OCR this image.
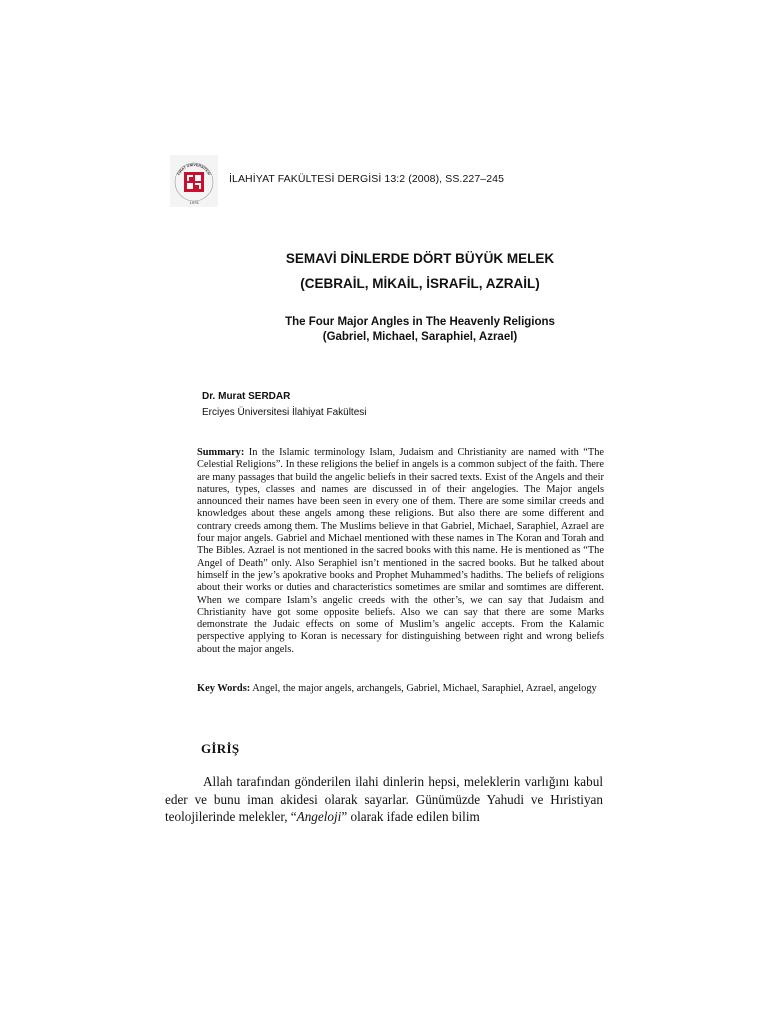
FIRAT ÜNİVERSİTESİ
1975
İLAHİYAT FAKÜLTESİ DERGİSİ 13:2 (2008), SS.227–245
SEMAVİ DİNLERDE DÖRT BÜYÜK MELEK
(CEBRAİL, MİKAİL, İSRAFİL, AZRAİL)
The Four Major Angles in The Heavenly Religions
(Gabriel, Michael, Saraphiel, Azrael)
Dr. Murat SERDAR
Erciyes Üniversitesi İlahiyat Fakültesi
Summary: In the Islamic terminology Islam, Judaism and Christianity are named with “The Celestial Religions”. In these religions the belief in angels is a common subject of the faith. There are many passages that build the angelic beliefs in their sacred texts. Exist of the Angels and their natures, types, classes and names are discussed in of their angelogies. The Major angels announced their names have been seen in every one of them. There are some similar creeds and knowledges about these angels among these religions. But also there are some different and contrary creeds among them. The Muslims believe in that Gabriel, Michael, Saraphiel, Azrael are four major angels. Gabriel and Michael mentioned with these names in The Koran and Torah and The Bibles. Azrael is not mentioned in the sacred books with this name. He is mentioned as “The Angel of Death” only. Also Seraphiel isn’t mentioned in the sacred books. But he talked about himself in the jew’s apokrative books and Prophet Muhammed’s hadiths. The beliefs of religions about their works or duties and characteristics sometimes are smilar and somtimes are different. When we compare Islam’s angelic creeds with the other’s, we can say that Judaism and Christianity have got some opposite beliefs. Also we can say that there are some Marks demonstrate the Judaic effects on some of Muslim’s angelic accepts. From the Kalamic perspective applying to Koran is necessary for distinguishing between right and wrong beliefs about the major angels.
Key Words: Angel, the major angels, archangels, Gabriel, Michael, Saraphiel, Azrael, angelogy
GİRİŞ
Allah tarafından gönderilen ilahi dinlerin hepsi, meleklerin varlığını kabul eder ve bunu iman akidesi olarak sayarlar. Günümüzde Yahudi ve Hıristiyan teolojilerinde melekler, “Angeloji” olarak ifade edilen bilim
